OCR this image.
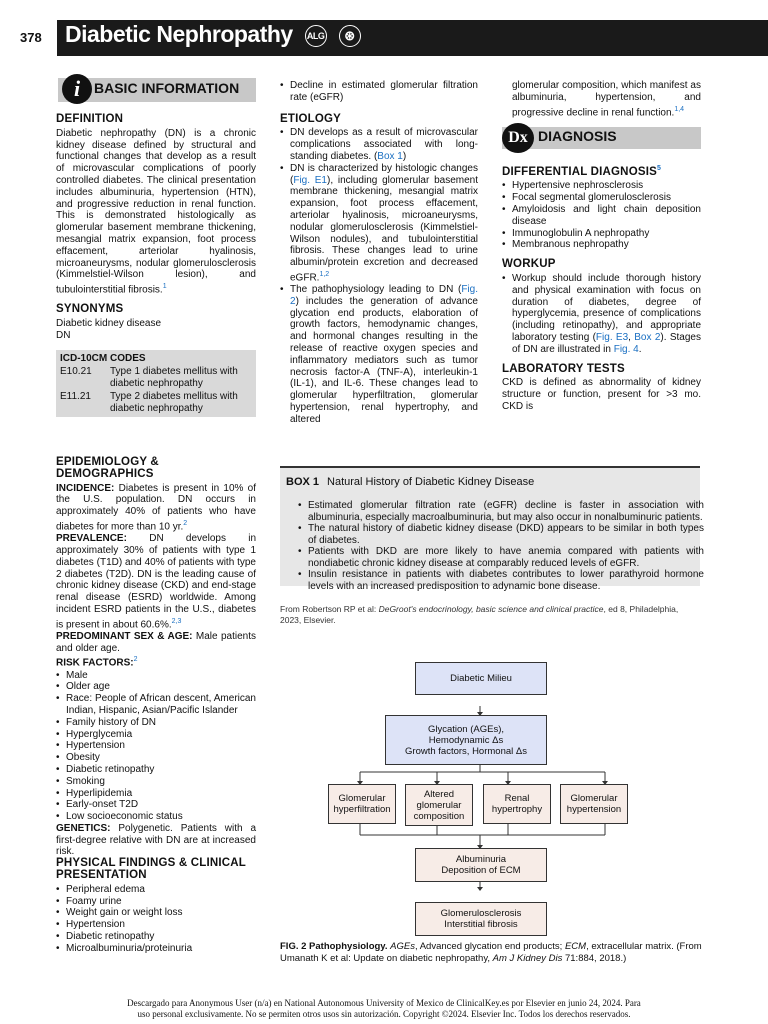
378 Diabetic Nephropathy ALG ⊛
i BASIC INFORMATION
DEFINITION

Diabetic nephropathy (DN) is a chronic kidney disease defined by structural and functional changes that develop as a result of microvascular complications of poorly controlled diabetes. The clinical presentation includes albuminuria, hypertension (HTN), and progressive reduction in renal function. This is demonstrated histologically as glomerular basement membrane thickening, mesangial matrix expansion, foot process effacement, arteriolar hyalinosis, microaneurysms, nodular glomerulosclerosis (Kimmelstiel-Wilson lesion), and tubulointerstitial fibrosis.$^1$

SYNONYMS
Diabetic kidney disease
DN
ICD-10CM CODES
E10.21	Type 1 diabetes mellitus with diabetic nephropathy
E11.21	Type 2 diabetes mellitus with diabetic nephropathy
EPIDEMIOLOGY & DEMOGRAPHICS

INCIDENCE: Diabetes is present in 10% of the U.S. population. DN occurs in approximately 40% of patients who have diabetes for more than 10 yr.$^2$

PREVALENCE: DN develops in approximately 30% of patients with type 1 diabetes (T1D) and 40% of patients with type 2 diabetes (T2D). DN is the leading cause of chronic kidney disease (CKD) and end-stage renal disease (ESRD) worldwide. Among incident ESRD patients in the U.S., diabetes is present in about 60.6%.$^{2,3}$

PREDOMINANT SEX & AGE: Male patients and older age.

RISK FACTORS:$^2$

• Male
• Older age
• Race: People of African descent, American Indian, Hispanic, Asian/Pacific Islander
• Family history of DN
• Hyperglycemia
• Hypertension
• Obesity
• Diabetic retinopathy
• Smoking
• Hyperlipidemia
• Early-onset T2D
• Low socioeconomic status

GENETICS: Polygenetic. Patients with a first-degree relative with DN are at increased risk.

PHYSICAL FINDINGS & CLINICAL PRESENTATION
• Peripheral edema
• Foamy urine
• Weight gain or weight loss
• Hypertension
• Diabetic retinopathy
• Microalbuminuria/proteinuria
• Decline in estimated glomerular filtration rate (eGFR)
ETIOLOGY
• DN develops as a result of microvascular complications associated with long-standing diabetes. (Box 1)
• DN is characterized by histologic changes (Fig. E1), including glomerular basement membrane thickening, mesangial matrix expansion, foot process effacement, arteriolar hyalinosis, microaneurysms, nodular glomerulosclerosis (Kimmelstiel-Wilson nodules), and tubulointerstitial fibrosis. These changes lead to urine albumin/protein excretion and decreased eGFR.$^{1,2}$
• The pathophysiology leading to DN (Fig. 2) includes the generation of advance glycation end products, elaboration of growth factors, hemodynamic changes, and hormonal changes resulting in the release of reactive oxygen species and inflammatory mediators such as tumor necrosis factor-A (TNF-A), interleukin-1 (IL-1), and IL-6. These changes lead to glomerular hyperfiltration, glomerular hypertension, renal hypertrophy, and altered

glomerular composition, which manifest as albuminuria, hypertension, and progressive decline in renal function.$^{1,4}$

Dx DIAGNOSIS
DIFFERENTIAL DIAGNOSIS$^5$
• Hypertensive nephrosclerosis
• Focal segmental glomerulosclerosis
• Amyloidosis and light chain deposition disease
• Immunoglobulin A nephropathy
• Membranous nephropathy
WORKUP
• Workup should include thorough history and physical examination with focus on duration of diabetes, degree of hyperglycemia, presence of complications (including retinopathy), and appropriate laboratory testing (Fig. E3, Box 2). Stages of DN are illustrated in Fig. 4.
LABORATORY TESTS

CKD is defined as abnormality of kidney structure or function, present for >3 mo. CKD is

BOX 1 Natural History of Diabetic Kidney Disease
• Estimated glomerular filtration rate (eGFR) decline is faster in association with albuminuria, especially macroalbuminuria, but may also occur in nonalbuminuric patients.
• The natural history of diabetic kidney disease (DKD) appears to be similar in both types of diabetes.
• Patients with DKD are more likely to have anemia compared with patients with nondiabetic chronic kidney disease at comparably reduced levels of eGFR.
• Insulin resistance in patients with diabetes contributes to lower parathyroid hormone levels with an increased predisposition to adynamic bone disease.
From Robertson RP et al: DeGroot's endocrinology, basic science and clinical practice, ed 8, Philadelphia, 2023, Elsevier.
Diabetic Milieu
Glycation (AGEs),
Hemodynamic Δs
Growth factors, Hormonal Δs
Glomerular
hyperfiltration
Altered
glomerular
composition
Renal
hypertrophy
Glomerular
hypertension
Albuminuria
Deposition of ECM
Glomerulosclerosis
Interstitial fibrosis
FIG. 2 Pathophysiology. AGEs, Advanced glycation end products; ECM, extracellular matrix. (From Umanath K et al: Update on diabetic nephropathy, Am J Kidney Dis 71:884, 2018.)
Descargado para Anonymous User (n/a) en National Autonomous University of Mexico de ClinicalKey.es por Elsevier en junio 24, 2024. Para
uso personal exclusivamente. No se permiten otros usos sin autorización. Copyright ©2024. Elsevier Inc. Todos los derechos reservados.
